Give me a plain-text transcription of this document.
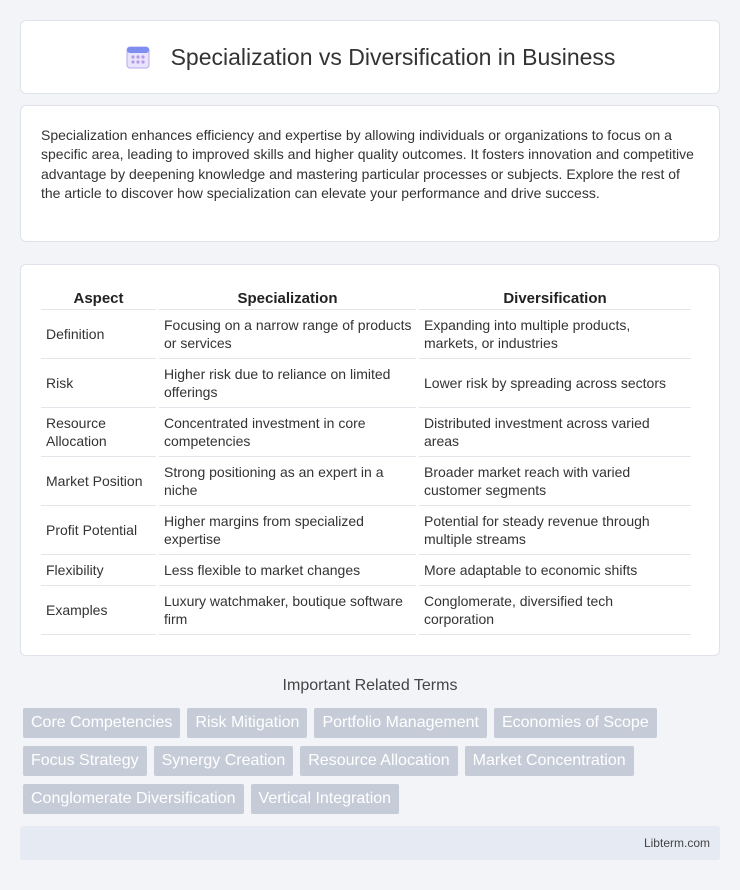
Specialization vs Diversification in Business

Specialization enhances efficiency and expertise by allowing individuals or organizations to focus on a specific area, leading to improved skills and higher quality outcomes. It fosters innovation and competitive advantage by deepening knowledge and mastering particular processes or subjects. Explore the rest of the article to discover how specialization can elevate your performance and drive success.

Aspect	Specialization	Diversification
Definition	Focusing on a narrow range of products or services	Expanding into multiple products, markets, or industries
Risk	Higher risk due to reliance on limited offerings	Lower risk by spreading across sectors
Resource Allocation	Concentrated investment in core competencies	Distributed investment across varied areas
Market Position	Strong positioning as an expert in a niche	Broader market reach with varied customer segments
Profit Potential	Higher margins from specialized expertise	Potential for steady revenue through multiple streams
Flexibility	Less flexible to market changes	More adaptable to economic shifts
Examples	Luxury watchmaker, boutique software firm	Conglomerate, diversified tech corporation
Important Related Terms
Core Competencies	Risk Mitigation	Portfolio Management	Economies of Scope
Focus Strategy	Synergy Creation	Resource Allocation	Market Concentration
Conglomerate Diversification	Vertical Integration
Libterm.com
